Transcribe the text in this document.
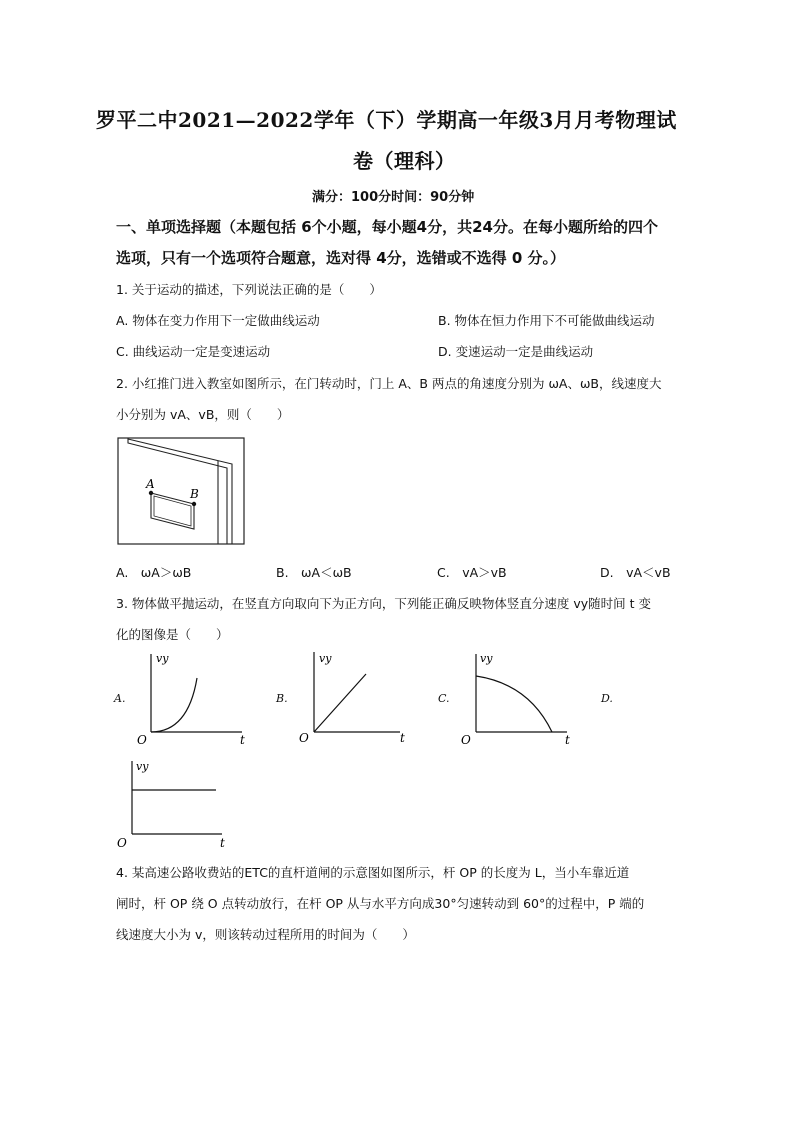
罗平二中2021—2022学年（下）学期高一年级3月月考物理试
卷（理科）
满分：100分时间：90分钟
一、单项选择题（本题包括 6个小题，每小题4分，共24分。在每小题所给的四个
选项，只有一个选项符合题意，选对得 4分，选错或不选得 0 分。）
1. 关于运动的描述，下列说法正确的是（　　）
A. 物体在变力作用下一定做曲线运动	B. 物体在恒力作用下不可能做曲线运动
C. 曲线运动一定是变速运动	D. 变速运动一定是曲线运动
2. 小红推门进入教室如图所示，在门转动时，门上 A、B 两点的角速度分别为 ωA、ωB，线速度大
小分别为 vA、vB，则（　　）
A
B
A.　ωA＞ωB	B.　ωA＜ωB	C.　vA＞vB	D.　vA＜vB
3. 物体做平抛运动，在竖直方向取向下为正方向，下列能正确反映物体竖直分速度 vy随时间 t 变
化的图像是（　　）
A.	B.	C.	D.
vy
t
O
vy
t
O
vy
t
O
vy
t
O
4. 某高速公路收费站的ETC的直杆道闸的示意图如图所示，杆 OP 的长度为 L，当小车靠近道
闸时，杆 OP 绕 O 点转动放行，在杆 OP 从与水平方向成30°匀速转动到 60°的过程中，P 端的
线速度大小为 v，则该转动过程所用的时间为（　　）
